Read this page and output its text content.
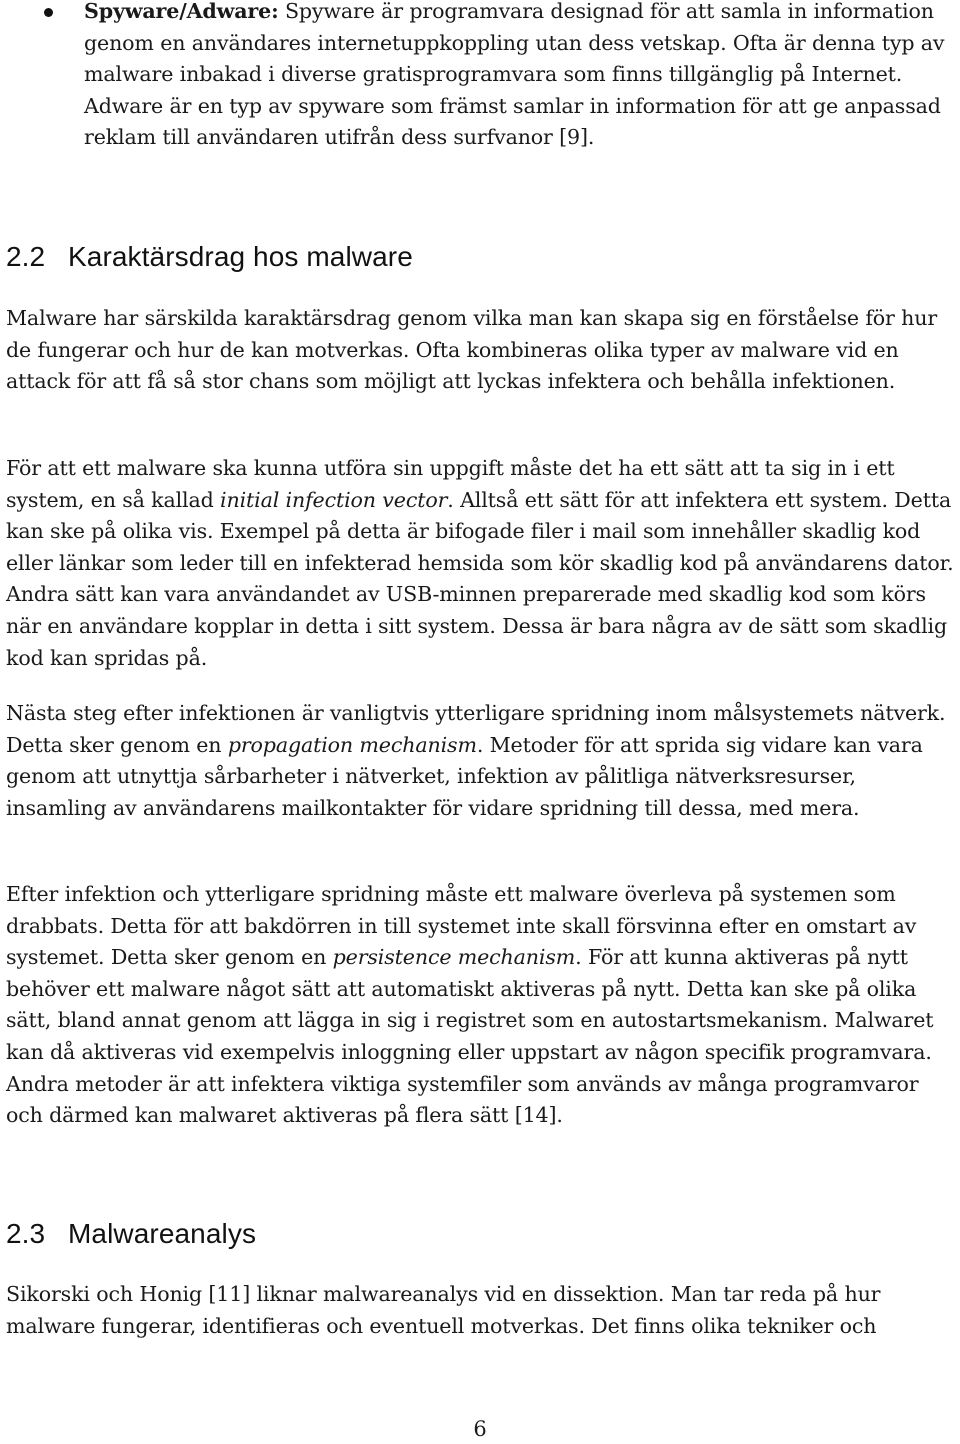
Spyware/Adware: Spyware är programvara designad för att samla in information genom en användares internetuppkoppling utan dess vetskap. Ofta är denna typ av malware inbakad i diverse gratisprogramvara som finns tillgänglig på Internet. Adware är en typ av spyware som främst samlar in information för att ge anpassad reklam till användaren utifrån dess surfvanor [9].
2.2 Karaktärsdrag hos malware
Malware har särskilda karaktärsdrag genom vilka man kan skapa sig en förståelse för hur de fungerar och hur de kan motverkas. Ofta kombineras olika typer av malware vid en attack för att få så stor chans som möjligt att lyckas infektera och behålla infektionen.
För att ett malware ska kunna utföra sin uppgift måste det ha ett sätt att ta sig in i ett system, en så kallad initial infection vector. Alltså ett sätt för att infektera ett system. Detta kan ske på olika vis. Exempel på detta är bifogade filer i mail som innehåller skadlig kod eller länkar som leder till en infekterad hemsida som kör skadlig kod på användarens dator. Andra sätt kan vara användandet av USB-minnen preparerade med skadlig kod som körs när en användare kopplar in detta i sitt system. Dessa är bara några av de sätt som skadlig kod kan spridas på.
Nästa steg efter infektionen är vanligtvis ytterligare spridning inom målsystemets nätverk. Detta sker genom en propagation mechanism. Metoder för att sprida sig vidare kan vara genom att utnyttja sårbarheter i nätverket, infektion av pålitliga nätverksresurser, insamling av användarens mailkontakter för vidare spridning till dessa, med mera.
Efter infektion och ytterligare spridning måste ett malware överleva på systemen som drabbats. Detta för att bakdörren in till systemet inte skall försvinna efter en omstart av systemet. Detta sker genom en persistence mechanism. För att kunna aktiveras på nytt behöver ett malware något sätt att automatiskt aktiveras på nytt. Detta kan ske på olika sätt, bland annat genom att lägga in sig i registret som en autostartsmekanism. Malwaret kan då aktiveras vid exempelvis inloggning eller uppstart av någon specifik programvara. Andra metoder är att infektera viktiga systemfiler som används av många programvaror och därmed kan malwaret aktiveras på flera sätt [14].
2.3 Malwareanalys
Sikorski och Honig [11] liknar malwareanalys vid en dissektion. Man tar reda på hur malware fungerar, identifieras och eventuell motverkas. Det finns olika tekniker och
6
